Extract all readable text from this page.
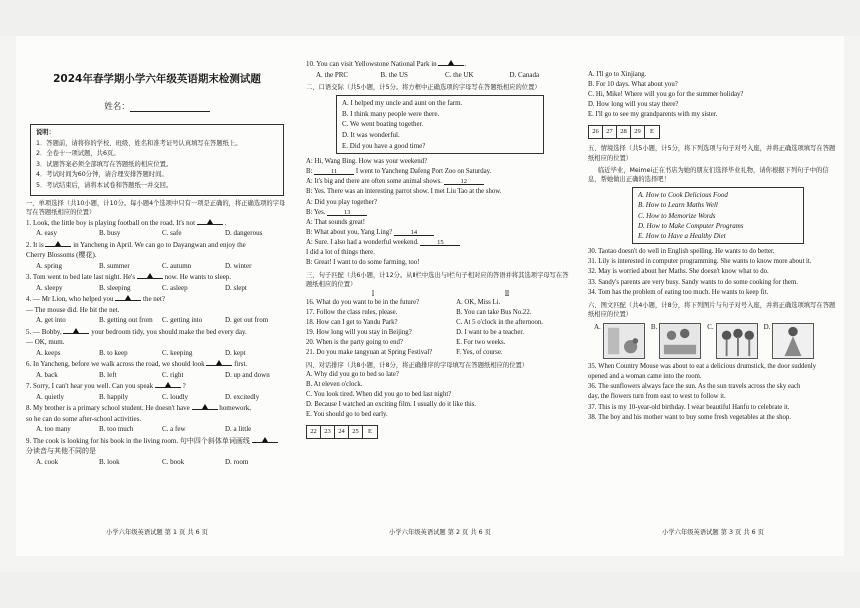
2024年春学期小学六年级英语期末检测试题
姓名：
说明：
1．答题前，请将你的学校、班级、姓名和准考证号认真填写在答题纸上。
2．全卷十一项试题，共6页。
3．试题答案必须全部填写在答题纸的相应位置。
4．考试时间为60分钟，请合理安排答题时间。
5．考试结束后，请将本试卷和答题纸一并交回。
一、单项选择（共10小题，计10分。每小题4个选项中只有一项是正确的，将正确选项的字母写在答题纸相应的位置）
1. Look, the little boy is playing football on the road. It's not	.
A. easy	B. busy	C. safe	D. dangerous
2. It is	in Yancheng in April. We can go to Dayangwan and enjoy the
Cherry Blossoms (樱花).
A. spring	B. summer	C. autumn	D. winter
3. Tom went to bed late last night. He's	now. He wants to sleep.
A. sleepy	B. sleeping	C. asleep	D. slept
4. — Mr Lion, who helped you	the net?
— The mouse did. He bit the net.
A. get into	B. getting out from	C. getting into	D. get out from
5. — Bobby,	your bedroom tidy, you should make the bed every day.
— OK, mum.
A. keeps	B. to keep	C. keeping	D. kept
6. In Yancheng, before we walk across the road, we should look	first.
A. back	B. left	C. right	D. up and down
7. Sorry, I can't hear you well. Can you speak	?
A. quietly	B. happily	C. loudly	D. excitedly
8. My brother is a primary school student. He doesn't have	homework,
so he can do some after-school activities.
A. too many	B. too much	C. a few	D. a little
9. The cook is looking for his book in the living room. 句中四个斜体单词画线
分读音与其他不同的是
A. cook	B. look	C. book	D. room
小学六年级英语试题 第 1 页 共 6 页
10. You can visit Yellowstone National Park in	.
A. the PRC	B. the US	C. the UK	D. Canada
二、口语交际（共5小题，计5分。将方框中正确选项的字母写在答题纸相应的位置）
A. I helped my uncle and aunt on the farm.
B. I think many people were there.
C. We went boating together.
D. It was wonderful.
E. Did you have a good time?
A: Hi, Wang Bing. How was your weekend?
B:	11	I went to Yancheng Dafeng Port Zoo on Saturday.
A: It's big and there are often some animal shows.	12
B: Yes. There was an interesting parrot show. I met Liu Tao at the show.
A: Did you play together?
B: Yes.	13
A: That sounds great!
B: What about you, Yang Ling?	14
A: Sure. I also had a wonderful weekend.	15
I did a lot of things there.
B: Great! I want to do some farming, too!
三、句子匹配（共6小题，计12分。从Ⅱ栏中选出与Ⅰ栏句子相对应的答语并将其选项字母写在答题纸相应的位置）
Ⅰ	Ⅱ
16. What do you want to be in the future?	A. OK, Miss Li.
17. Follow the class rules, please.	B. You can take Bus No.22.
18. How can I get to Yandu Park?	C. At 5 o'clock in the afternoon.
19. How long will you stay in Beijing?	D. I want to be a teacher.
20. When is the party going to end?	E. For two weeks.
21. Do you make tangyuan at Spring Festival?	F. Yes, of course.
四、对话排序（共8小题，计8分，将正确排序的字母填写在答题纸相应的位置）
A. Why did you go to bed so late?
B. At eleven o'clock.
C. You look tired. When did you go to bed last night?
D. Because I watched an exciting film. I usually do it like this.
E. You should go to bed early.
22	23	24	25	E
小学六年级英语试题 第 2 页 共 6 页
A. I'll go to Xinjiang.
B. For 10 days. What about you?
C. Hi, Mike! Where will you go for the summer holiday?
D. How long will you stay there?
E. I'll go to see my grandparents with my sister.
26	27	28	29	E
五、情境选择（共5小题，计5分，将下列选项与句子对号入座，并将正确选项填写在答题纸相应的位置）
临近毕业，Meimei正在书店为她的朋友们选择毕业礼物，请你根据下列句子中的信息，帮她做出正确的选择吧！
A. How to Cook Delicious Food
B. How to Learn Maths Well
C. How to Memorize Words
D. How to Make Computer Programs
E. How to Have a Healthy Diet
30. Taotao doesn't do well in English spelling. He wants to do better.
31. Lily is interested in computer programming. She wants to know more about it.
32. May is worried about her Maths. She doesn't know what to do.
33. Sandy's parents are very busy. Sandy wants to do some cooking for them.
34. Tom has the problem of eating too much. He wants to keep fit.
六、图文匹配（共4小题，计8分，将下列图片与句子对号入座，并将正确选项填写在答题纸相应的位置）
A.	B.	C.	D.
35. When Country Mouse was about to eat a delicious drumstick, the door suddenly
opened and a woman came into the room.
36. The sunflowers always face the sun. As the sun travels across the sky each
day, the flowers turn from east to west to follow it.
37. This is my 10-year-old birthday. I wear beautiful Hanfu to celebrate it.
38. The boy and his mother want to buy some fresh vegetables at the shop.
小学六年级英语试题 第 3 页 共 6 页
